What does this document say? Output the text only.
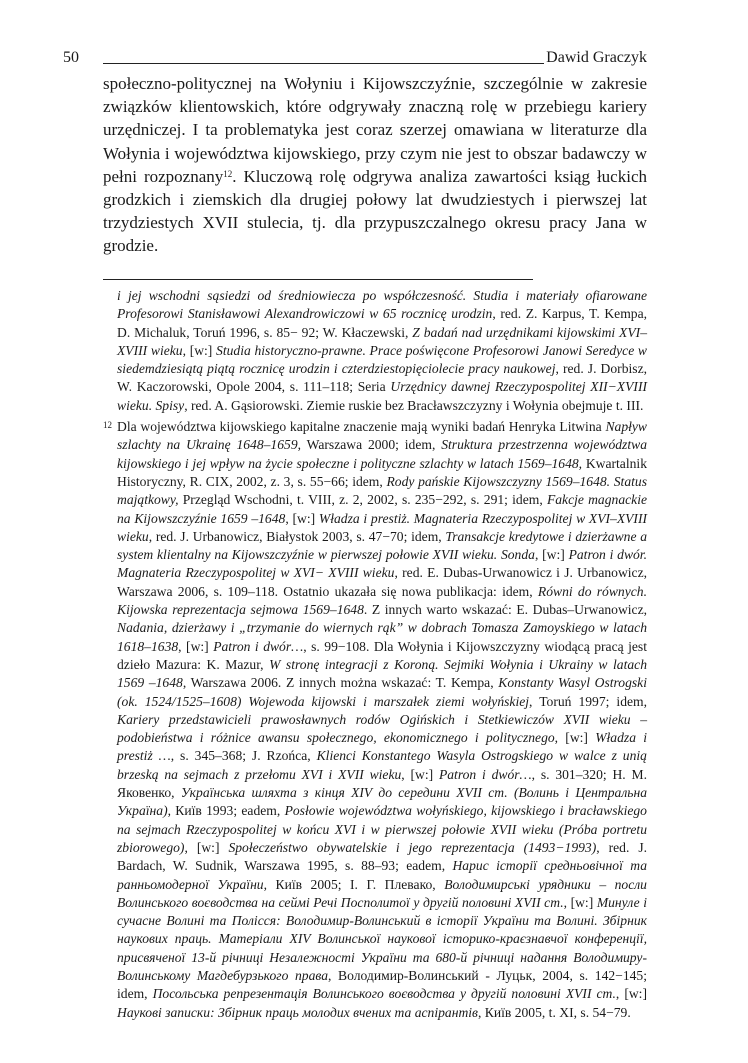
50	Dawid Graczyk

społeczno-politycznej na Wołyniu i Kijowszczyźnie, szczególnie w zakresie związków klientowskich, które odgrywały znaczną rolę w przebiegu kariery urzędniczej. I ta problematyka jest coraz szerzej omawiana w literaturze dla Wołynia i województwa kijowskiego, przy czym nie jest to obszar badawczy w pełni rozpoznany$^{12}$. Kluczową rolę odgrywa analiza zawartości ksiąg łuckich grodzkich i ziemskich dla drugiej połowy lat dwudziestych i pierwszej lat trzydziestych XVII stulecia, tj. dla przypuszczalnego okresu pracy Jana w grodzie.

i jej wschodni sąsiedzi od średniowiecza po współczesność. Studia i materiały ofiarowane Profesorowi Stanisławowi Alexandrowiczowi w 65 rocznicę urodzin, red. Z. Karpus, T. Kempa, D. Michaluk, Toruń 1996, s. 85− 92; W. Kłaczewski, Z badań nad urzędnikami kijowskimi XVI–XVIII wieku, [w:] Studia historyczno-prawne. Prace poświęcone Profesorowi Janowi Seredyce w siedemdziesiątą piątą rocznicę urodzin i czterdziestopięciolecie pracy naukowej, red. J. Dorbisz, W. Kaczorowski, Opole 2004, s. 111–118; Seria Urzędnicy dawnej Rzeczypospolitej XII−XVIII wieku. Spisy, red. A. Gąsiorowski. Ziemie ruskie bez Bracławszczyzny i Wołynia obejmuje t. III.

12 Dla województwa kijowskiego kapitalne znaczenie mają wyniki badań Henryka Litwina Napływ szlachty na Ukrainę 1648–1659, Warszawa 2000; idem, Struktura przestrzenna województwa kijowskiego i jej wpływ na życie społeczne i polityczne szlachty w latach 1569–1648, Kwartalnik Historyczny, R. CIX, 2002, z. 3, s. 55−66; idem, Rody pańskie Kijowszczyzny 1569–1648. Status majątkowy, Przegląd Wschodni, t. VIII, z. 2, 2002, s. 235−292, s. 291; idem, Fakcje magnackie na Kijowszczyźnie 1659 –1648, [w:] Władza i prestiż. Magnateria Rzeczypospolitej w XVI–XVIII wieku, red. J. Urbanowicz, Białystok 2003, s. 47−70; idem, Transakcje kredytowe i dzierżawne a system klientalny na Kijowszczyźnie w pierwszej połowie XVII wieku. Sonda, [w:] Patron i dwór. Magnateria Rzeczypospolitej w XVI− XVIII wieku, red. E. Dubas-Urwanowicz i J. Urbanowicz, Warszawa 2006, s. 109–118. Ostatnio ukazała się nowa publikacja: idem, Równi do równych. Kijowska reprezentacja sejmowa 1569–1648. Z innych warto wskazać: E. Dubas–Urwanowicz, Nadania, dzierżawy i „trzymanie do wiernych rąk” w dobrach Tomasza Zamoyskiego w latach 1618–1638, [w:] Patron i dwór…, s. 99−108. Dla Wołynia i Kijowszczyzny wiodącą pracą jest dzieło Mazura: K. Mazur, W stronę integracji z Koroną. Sejmiki Wołynia i Ukrainy w latach 1569 –1648, Warszawa 2006. Z innych można wskazać: T. Kempa, Konstanty Wasyl Ostrogski (ok. 1524/1525–1608) Wojewoda kijowski i marszałek ziemi wołyńskiej, Toruń 1997; idem, Kariery przedstawicieli prawosławnych rodów Ogińskich i Stetkiewiczów XVII wieku – podobieństwa i różnice awansu społecznego, ekonomicznego i politycznego, [w:] Władza i prestiż …, s. 345–368; J. Rzońca, Klienci Konstantego Wasyla Ostrogskiego w walce z unią brzeską na sejmach z przełomu XVI i XVII wieku, [w:] Patron i dwór…, s. 301–320; Н. М. Яковенко, Українська шляхта з кінця XIV до середини XVII ст. (Волинь і Центральна Україна), Київ 1993; eadem, Posłowie województwa wołyńskiego, kijowskiego i bracławskiego na sejmach Rzeczypospolitej w końcu XVI i w pierwszej połowie XVII wieku (Próba portretu zbiorowego), [w:] Społeczeństwo obywatelskie i jego reprezentacja (1493−1993), red. J. Bardach, W. Sudnik, Warszawa 1995, s. 88–93; eadem, Нарис історії средньовічної та ранньомодерної України, Київ 2005; І. Г. Плевако, Володимирські урядники – посли Волинського воєводства на сеймі Речі Посполитої у другій половині XVII ст., [w:] Минуле і сучасне Волині та Полісся: Володимир-Волинський в історії України та Волині. Збірник наукових праць. Матеріали XIV Волинської наукової історико-краєзнавчої конференції, присвяченої 13-й річниці Незалежності України та 680-й річниці надання Володимиру-Волинському Магдебурзького права, Володимир-Волинський - Луцьк, 2004, s. 142−145; idem, Посольська репрезентація Волинського воєводства у другій половині XVII ст., [w:] Наукові записки: Збірник праць молодих вчених та аспірантів, Київ 2005, t. XI, s. 54−79.
